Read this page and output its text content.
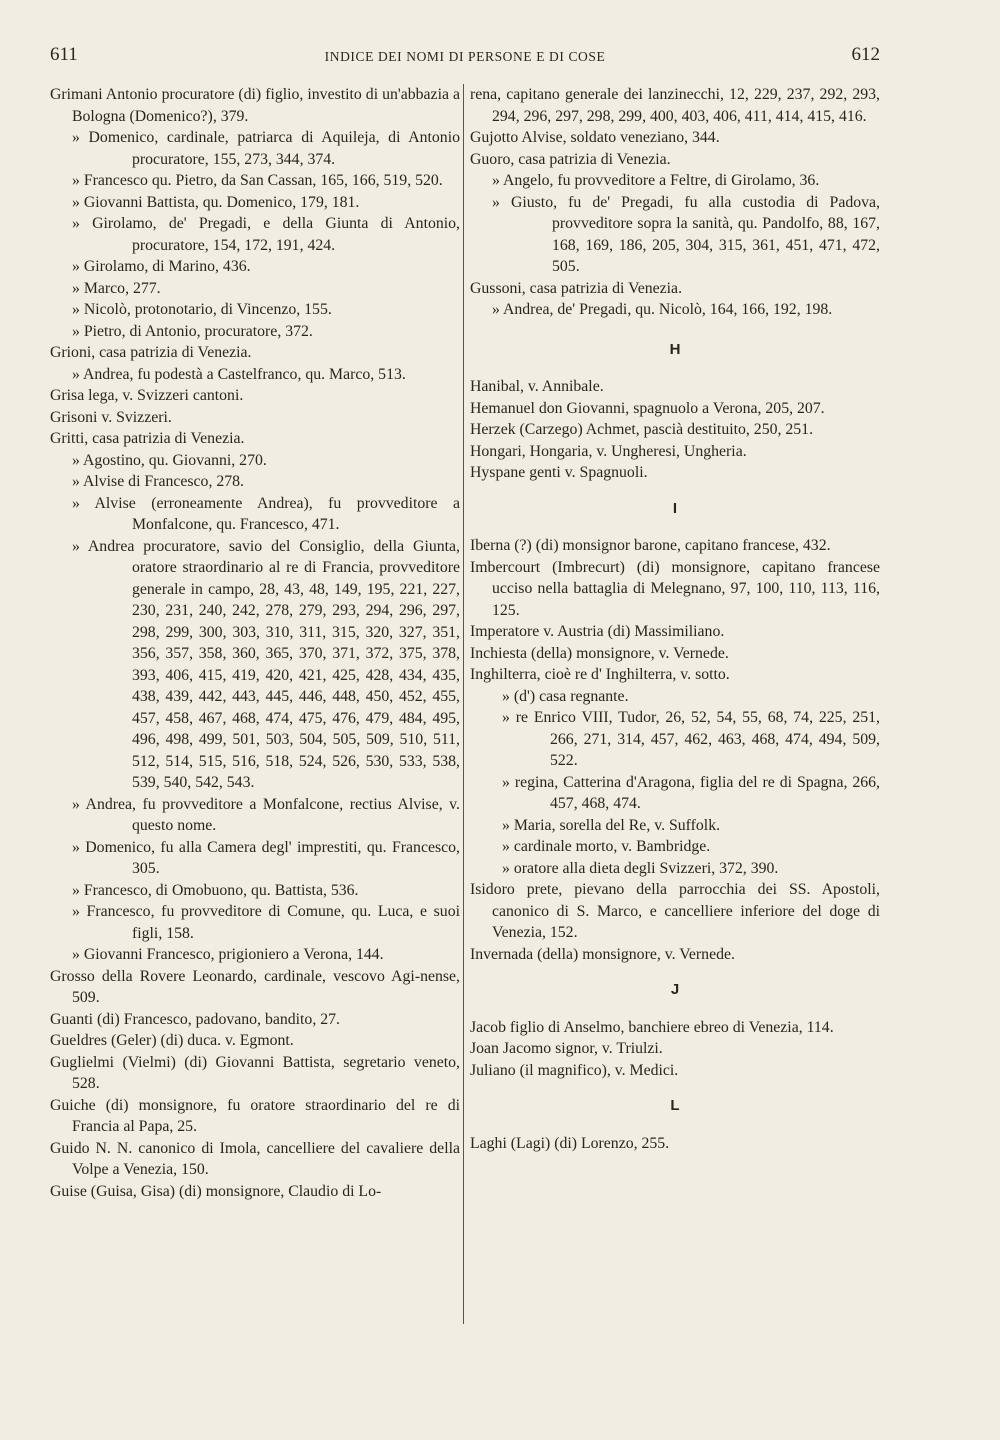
611	INDICE DEI NOMI DI PERSONE E DI COSE	612
Grimani Antonio procuratore (di) figlio, investito di un'abbazia a Bologna (Domenico?), 379.
» Domenico, cardinale, patriarca di Aquileja, di Antonio procuratore, 155, 273, 344, 374.
» Francesco qu. Pietro, da San Cassan, 165, 166, 519, 520.
» Giovanni Battista, qu. Domenico, 179, 181.
» Girolamo, de' Pregadi, e della Giunta di Antonio, procuratore, 154, 172, 191, 424.
» Girolamo, di Marino, 436.
» Marco, 277.
» Nicolò, protonotario, di Vincenzo, 155.
» Pietro, di Antonio, procuratore, 372.
Grioni, casa patrizia di Venezia.
» Andrea, fu podestà a Castelfranco, qu. Marco, 513.
Grisa lega, v. Svizzeri cantoni.
Grisoni v. Svizzeri.
Gritti, casa patrizia di Venezia.
» Agostino, qu. Giovanni, 270.
» Alvise di Francesco, 278.
» Alvise (erroneamente Andrea), fu provveditore a Monfalcone, qu. Francesco, 471.
» Andrea procuratore, savio del Consiglio, della Giunta, oratore straordinario al re di Francia, provveditore generale in campo, 28, 43, 48, 149, 195, 221, 227, 230, 231, 240, 242, 278, 279, 293, 294, 296, 297, 298, 299, 300, 303, 310, 311, 315, 320, 327, 351, 356, 357, 358, 360, 365, 370, 371, 372, 375, 378, 393, 406, 415, 419, 420, 421, 425, 428, 434, 435, 438, 439, 442, 443, 445, 446, 448, 450, 452, 455, 457, 458, 467, 468, 474, 475, 476, 479, 484, 495, 496, 498, 499, 501, 503, 504, 505, 509, 510, 511, 512, 514, 515, 516, 518, 524, 526, 530, 533, 538, 539, 540, 542, 543.
» Andrea, fu provveditore a Monfalcone, rectius Alvise, v. questo nome.
» Domenico, fu alla Camera degl' imprestiti, qu. Francesco, 305.
» Francesco, di Omobuono, qu. Battista, 536.
» Francesco, fu provveditore di Comune, qu. Luca, e suoi figli, 158.
» Giovanni Francesco, prigioniero a Verona, 144.
Grosso della Rovere Leonardo, cardinale, vescovo Agi-nense, 509.
Guanti (di) Francesco, padovano, bandito, 27.
Gueldres (Geler) (di) duca. v. Egmont.
Guglielmi (Vielmi) (di) Giovanni Battista, segretario veneto, 528.
Guiche (di) monsignore, fu oratore straordinario del re di Francia al Papa, 25.
Guido N. N. canonico di Imola, cancelliere del cavaliere della Volpe a Venezia, 150.
Guise (Guisa, Gisa) (di) monsignore, Claudio di Lo-
rena, capitano generale dei lanzinecchi, 12, 229, 237, 292, 293, 294, 296, 297, 298, 299, 400, 403, 406, 411, 414, 415, 416.
Gujotto Alvise, soldato veneziano, 344.
Guoro, casa patrizia di Venezia.
» Angelo, fu provveditore a Feltre, di Girolamo, 36.
» Giusto, fu de' Pregadi, fu alla custodia di Padova, provveditore sopra la sanità, qu. Pandolfo, 88, 167, 168, 169, 186, 205, 304, 315, 361, 451, 471, 472, 505.
Gussoni, casa patrizia di Venezia.
» Andrea, de' Pregadi, qu. Nicolò, 164, 166, 192, 198.
H
Hanibal, v. Annibale.
Hemanuel don Giovanni, spagnuolo a Verona, 205, 207.
Herzek (Carzego) Achmet, pascià destituito, 250, 251.
Hongari, Hongaria, v. Ungheresi, Ungheria.
Hyspane genti v. Spagnuoli.
I
Iberna (?) (di) monsignor barone, capitano francese, 432.
Imbercourt (Imbrecurt) (di) monsignore, capitano francese ucciso nella battaglia di Melegnano, 97, 100, 110, 113, 116, 125.
Imperatore v. Austria (di) Massimiliano.
Inchiesta (della) monsignore, v. Vernede.
Inghilterra, cioè re d' Inghilterra, v. sotto.
» (d') casa regnante.
» re Enrico VIII, Tudor, 26, 52, 54, 55, 68, 74, 225, 251, 266, 271, 314, 457, 462, 463, 468, 474, 494, 509, 522.
» regina, Catterina d'Aragona, figlia del re di Spagna, 266, 457, 468, 474.
» Maria, sorella del Re, v. Suffolk.
» cardinale morto, v. Bambridge.
» oratore alla dieta degli Svizzeri, 372, 390.
Isidoro prete, pievano della parrocchia dei SS. Apostoli, canonico di S. Marco, e cancelliere inferiore del doge di Venezia, 152.
Invernada (della) monsignore, v. Vernede.
J
Jacob figlio di Anselmo, banchiere ebreo di Venezia, 114.
Joan Jacomo signor, v. Triulzi.
Juliano (il magnifico), v. Medici.
L
Laghi (Lagi) (di) Lorenzo, 255.
